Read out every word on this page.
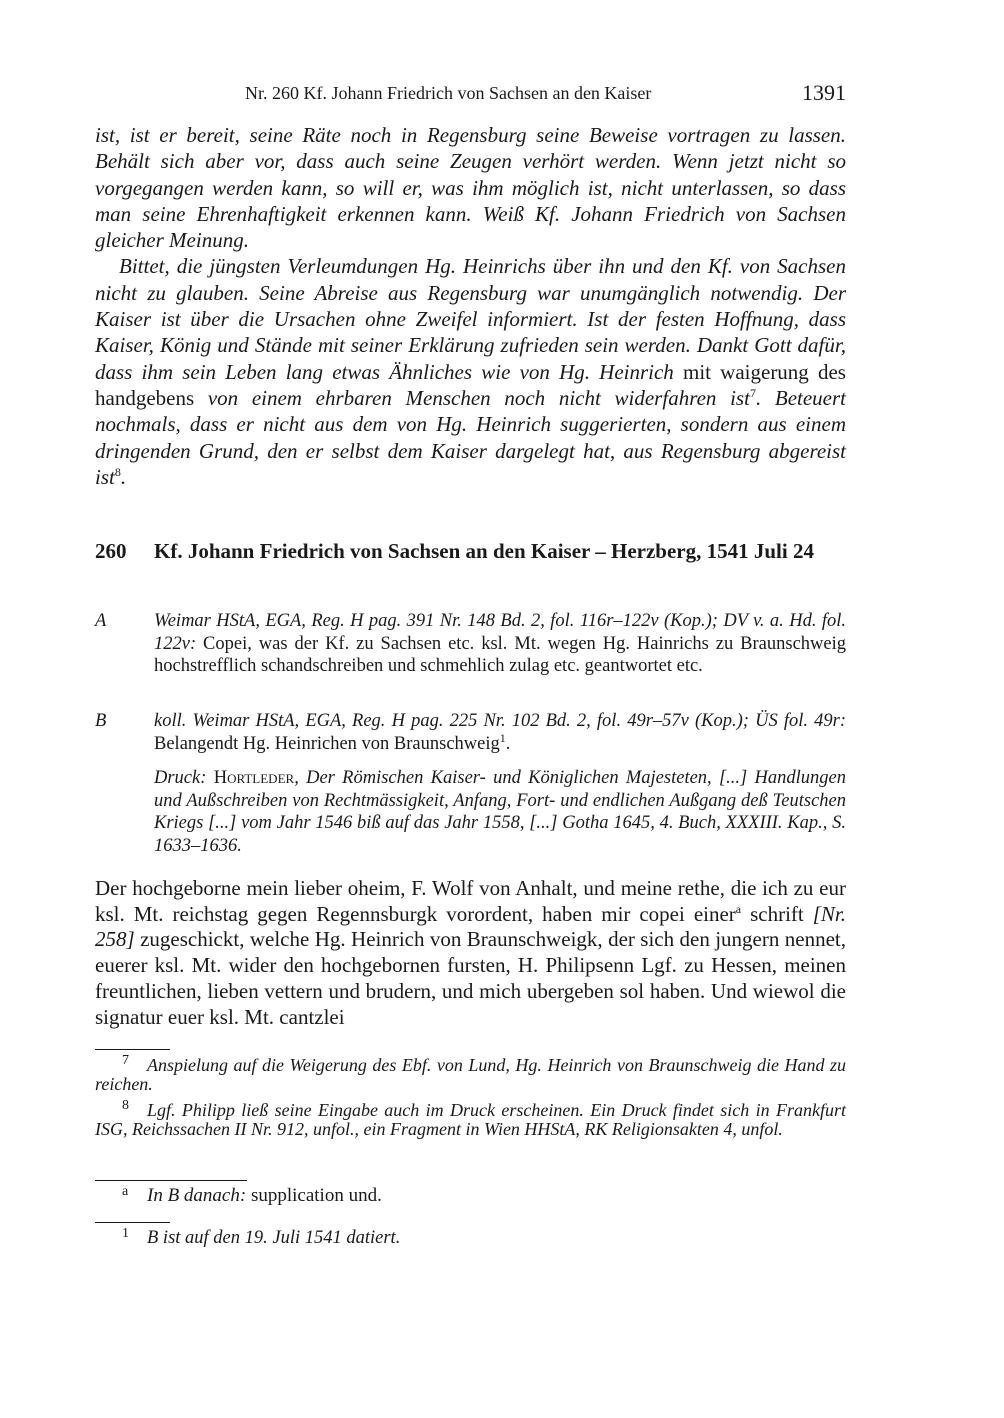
Nr. 260 Kf. Johann Friedrich von Sachsen an den Kaiser	1391

ist, ist er bereit, seine Räte noch in Regensburg seine Beweise vortragen zu lassen. Behält sich aber vor, dass auch seine Zeugen verhört werden. Wenn jetzt nicht so vorgegangen werden kann, so will er, was ihm möglich ist, nicht unterlassen, so dass man seine Ehrenhaftigkeit erkennen kann. Weiß Kf. Johann Friedrich von Sachsen gleicher Meinung.

Bittet, die jüngsten Verleumdungen Hg. Heinrichs über ihn und den Kf. von Sachsen nicht zu glauben. Seine Abreise aus Regensburg war unumgänglich notwendig. Der Kaiser ist über die Ursachen ohne Zweifel informiert. Ist der festen Hoffnung, dass Kaiser, König und Stände mit seiner Erklärung zufrieden sein werden. Dankt Gott dafür, dass ihm sein Leben lang etwas Ähnliches wie von Hg. Heinrich mit waigerung des handgebens von einem ehrbaren Menschen noch nicht widerfahren ist$^7$. Beteuert nochmals, dass er nicht aus dem von Hg. Heinrich suggerierten, sondern aus einem dringenden Grund, den er selbst dem Kaiser dargelegt hat, aus Regensburg abgereist ist$^8$.

260 Kf. Johann Friedrich von Sachsen an den Kaiser – Herzberg, 1541 Juli 24
A	Weimar HStA, EGA, Reg. H pag. 391 Nr. 148 Bd. 2, fol. 116r–122v (Kop.); DV v. a. Hd. fol. 122v: Copei, was der Kf. zu Sachsen etc. ksl. Mt. wegen Hg. Hainrichs zu Braunschweig hochstrefflich schandschreiben und schmehlich zulag etc. geantwortet etc.
B	koll. Weimar HStA, EGA, Reg. H pag. 225 Nr. 102 Bd. 2, fol. 49r–57v (Kop.); ÜS fol. 49r: Belangendt Hg. Heinrichen von Braunschweig$^1$.
Druck: Hortleder, Der Römischen Kaiser- und Königlichen Majesteten, [...] Handlungen und Außschreiben von Rechtmässigkeit, Anfang, Fort- und endlichen Außgang deß Teutschen Kriegs [...] vom Jahr 1546 biß auf das Jahr 1558, [...] Gotha 1645, 4. Buch, XXXIII. Kap., S. 1633–1636.
Der hochgeborne mein lieber oheim, F. Wolf von Anhalt, und meine rethe, die ich zu eur ksl. Mt. reichstag gegen Regennsburgk vorordent, haben mir copei einer$^a$ schrift [Nr. 258] zugeschickt, welche Hg. Heinrich von Braunschweigk, der sich den jungern nennet, euerer ksl. Mt. wider den hochgebornen fursten, H. Philipsenn Lgf. zu Hessen, meinen freuntlichen, lieben vettern und brudern, und mich ubergeben sol haben. Und wiewol die signatur euer ksl. Mt. cantzlei
7	Anspielung auf die Weigerung des Ebf. von Lund, Hg. Heinrich von Braunschweig die Hand zu reichen.
8	Lgf. Philipp ließ seine Eingabe auch im Druck erscheinen. Ein Druck findet sich in Frankfurt ISG, Reichssachen II Nr. 912, unfol., ein Fragment in Wien HHStA, RK Religionsakten 4, unfol.
a In B danach: supplication und.
1 B ist auf den 19. Juli 1541 datiert.
